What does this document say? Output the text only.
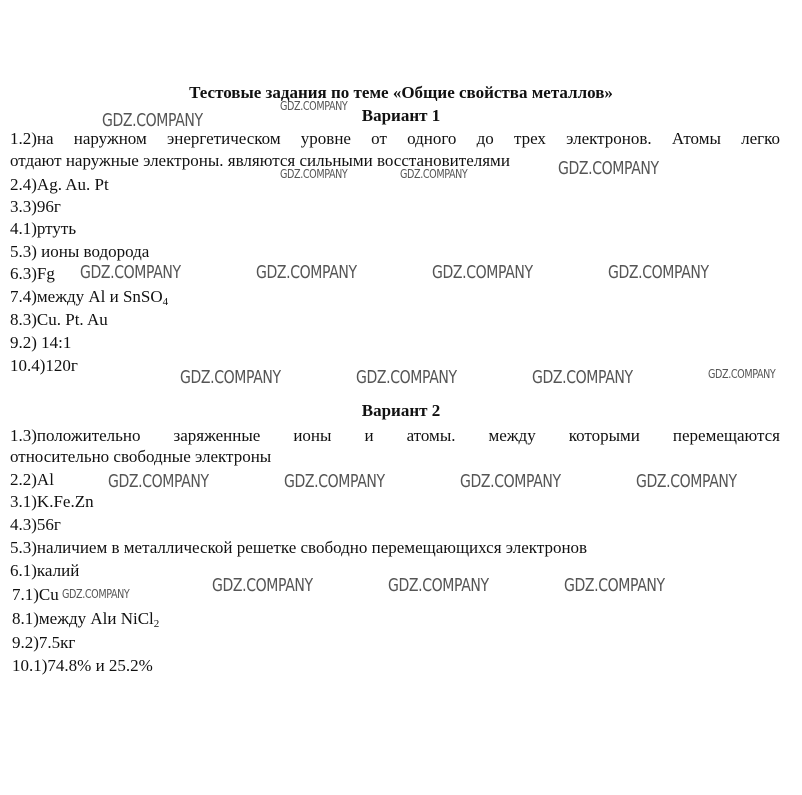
Тестовые задания по теме «Общие свойства металлов»
Вариант 1
1.2)на наружном энергетическом уровне от одного до трех электронов. Атомы легко
отдают наружные электроны. являются сильными восстановителями
2.4)Ag. Au. Pt
3.3)96г
4.1)ртуть
5.3) ионы водорода
6.3)Fg
7.4)между Al и SnSO$_4$
8.3)Cu. Pt. Au
9.2) 14:1
10.4)120г
Вариант 2
1.3)положительно заряженные ионы и атомы. между которыми перемещаются
относительно свободные электроны
2.2)Al
3.1)K.Fe.Zn
4.3)56г
5.3)наличием в металлической решетке свободно перемещающихся электронов
6.1)калий
7.1)Cu
8.1)между Alи NiCl$_2$
9.2)7.5кг
10.1)74.8% и 25.2%
GDZ.COMPANY
GDZ.COMPANY
GDZ.COMPANY	GDZ.COMPANY	GDZ.COMPANY
GDZ.COMPANY	GDZ.COMPANY	GDZ.COMPANY	GDZ.COMPANY
GDZ.COMPANY	GDZ.COMPANY	GDZ.COMPANY	GDZ.COMPANY
GDZ.COMPANY	GDZ.COMPANY	GDZ.COMPANY	GDZ.COMPANY
GDZ.COMPANY	GDZ.COMPANY	GDZ.COMPANY	GDZ.COMPANY
